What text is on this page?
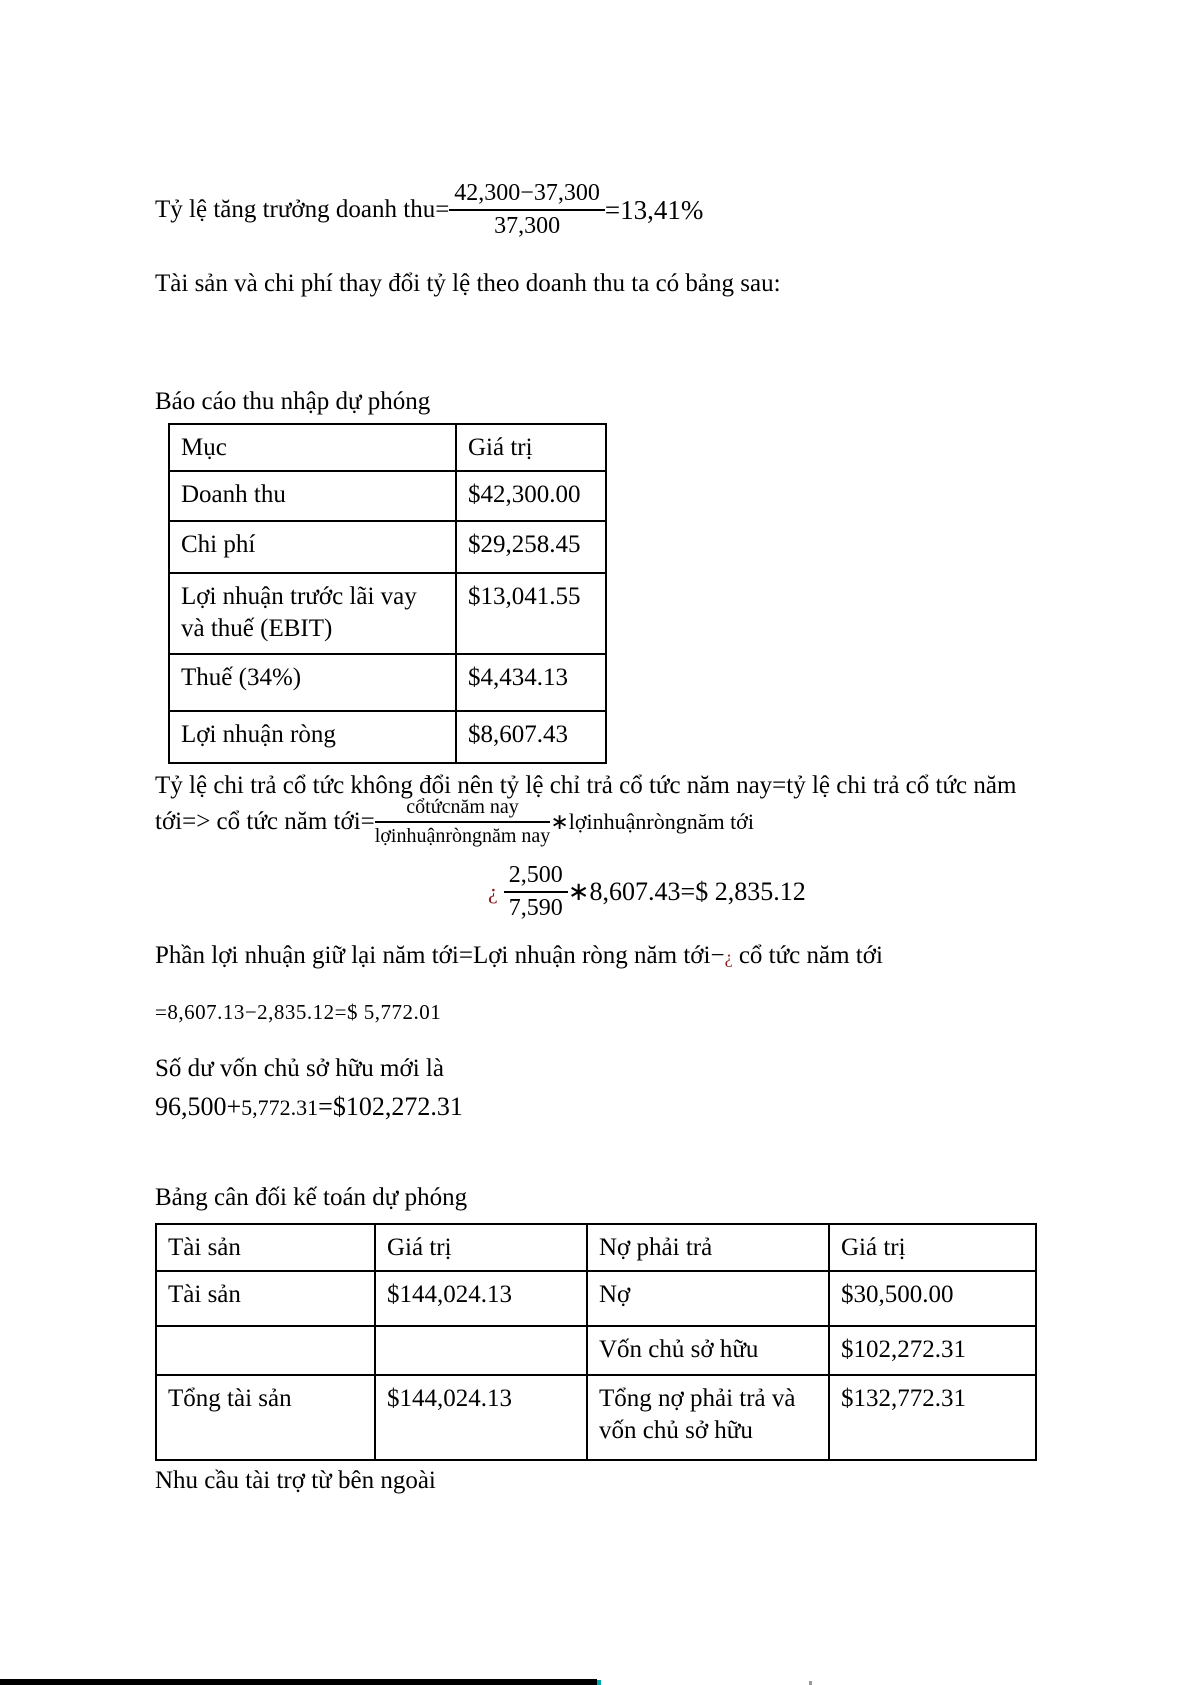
Tỷ lệ tăng trưởng doanh $thu= \frac{42,300-37,300}{37,300} =13,41\%$
Tài sản và chi phí thay đổi tỷ lệ theo doanh thu ta có bảng sau:
Báo cáo thu nhập dự phóng
Mục	Giá trị
Doanh thu	$42,300.00
Chi phí	$29,258.45
Lợi nhuận trước lãi vay và thuế (EBIT)	$13,041.55
Thuế (34%)	$4,434.13
Lợi nhuận ròng	$8,607.43
Tỷ lệ chi trả cổ tức không đổi nên tỷ lệ chỉ trả cổ tức năm nay=tỷ lệ chi trả cổ tức năm
tới=> cổ tức năm tới= $\frac{\text{cổtứcnăm nay}}{\text{lợinhuậnròngnăm nay}}$ ∗lợinhuậnròngnăm tới
¿ $\frac{2,500}{7,590}$ ∗8,607.43=$ 2,835.12
Phần lợi nhuận giữ lại năm tới=Lợi nhuận ròng năm tới−¿ cổ tức năm tới
=8,607.13−2,835.12=$ 5,772.01
Số dư vốn chủ sở hữu mới là
96,500+5,772.31=$102,272.31
Bảng cân đối kế toán dự phóng
Tài sản	Giá trị	Nợ phải trả	Giá trị
Tài sản	$144,024.13	Nợ	$30,500.00
		Vốn chủ sở hữu	$102,272.31
Tổng tài sản	$144,024.13	Tổng nợ phải trả và vốn chủ sở hữu	$132,772.31
Nhu cầu tài trợ từ bên ngoài
